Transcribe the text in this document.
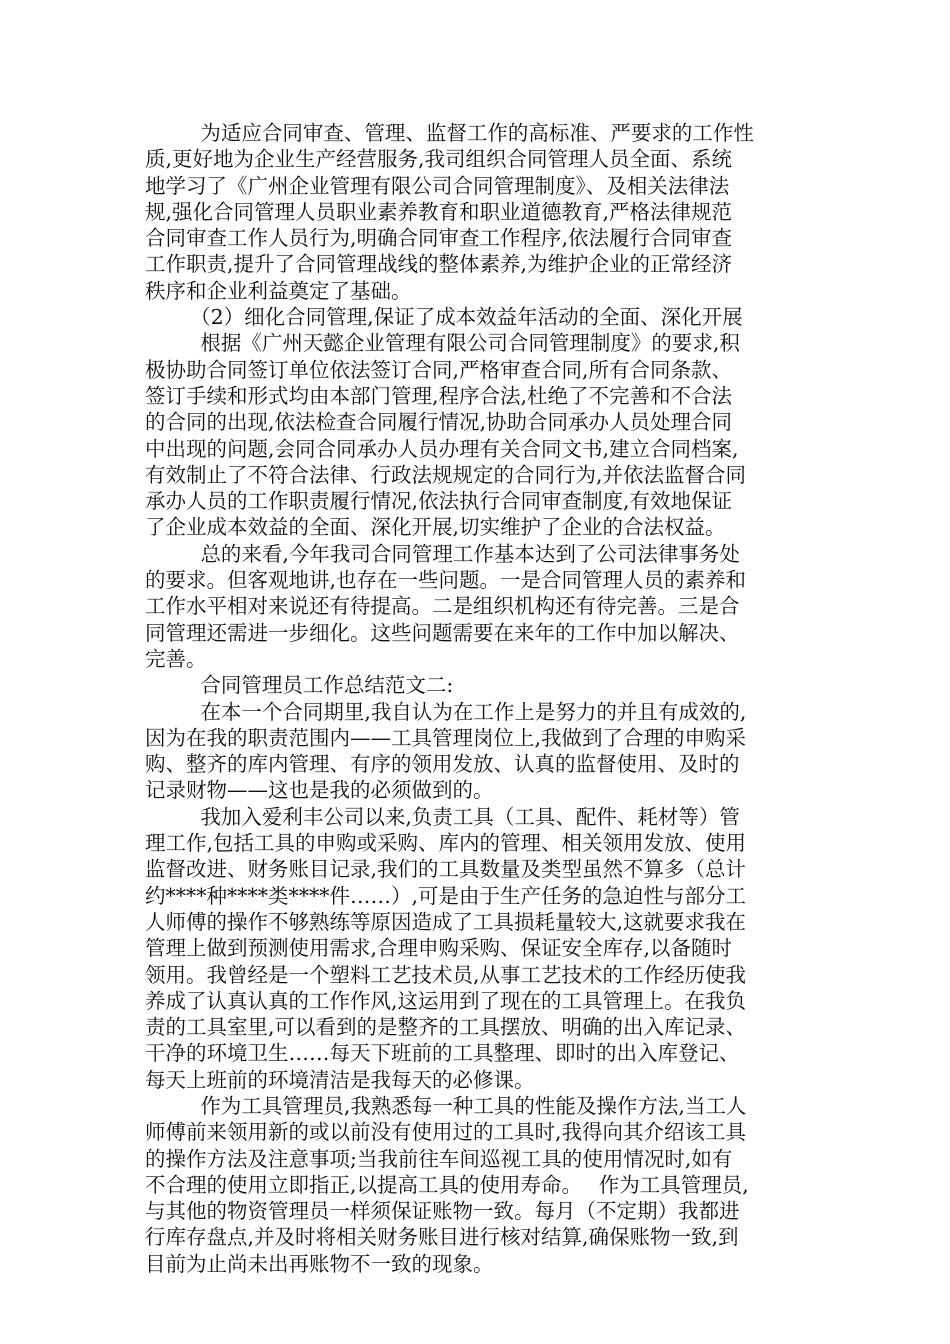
为适应合同审查、管理、监督工作的高标准、严要求的工作性
质,更好地为企业生产经营服务,我司组织合同管理人员全面、系统
地学习了《广州企业管理有限公司合同管理制度》、及相关法律法
规,强化合同管理人员职业素养教育和职业道德教育,严格法律规范
合同审查工作人员行为,明确合同审查工作程序,依法履行合同审查
工作职责,提升了合同管理战线的整体素养,为维护企业的正常经济
秩序和企业利益奠定了基础。
（2）细化合同管理,保证了成本效益年活动的全面、深化开展
根据《广州天懿企业管理有限公司合同管理制度》的要求,积
极协助合同签订单位依法签订合同,严格审查合同,所有合同条款、
签订手续和形式均由本部门管理,程序合法,杜绝了不完善和不合法
的合同的出现,依法检查合同履行情况,协助合同承办人员处理合同
中出现的问题,会同合同承办人员办理有关合同文书,建立合同档案,
有效制止了不符合法律、行政法规规定的合同行为,并依法监督合同
承办人员的工作职责履行情况,依法执行合同审查制度,有效地保证
了企业成本效益的全面、深化开展,切实维护了企业的合法权益。
总的来看,今年我司合同管理工作基本达到了公司法律事务处
的要求。但客观地讲,也存在一些问题。一是合同管理人员的素养和
工作水平相对来说还有待提高。二是组织机构还有待完善。三是合
同管理还需进一步细化。这些问题需要在来年的工作中加以解决、
完善。
合同管理员工作总结范文二:
在本一个合同期里,我自认为在工作上是努力的并且有成效的,
因为在我的职责范围内——工具管理岗位上,我做到了合理的申购采
购、整齐的库内管理、有序的领用发放、认真的监督使用、及时的
记录财物——这也是我的必须做到的。
我加入爱利丰公司以来,负责工具（工具、配件、耗材等）管
理工作,包括工具的申购或采购、库内的管理、相关领用发放、使用
监督改进、财务账目记录,我们的工具数量及类型虽然不算多（总计
约****种****类****件……）,可是由于生产任务的急迫性与部分工
人师傅的操作不够熟练等原因造成了工具损耗量较大,这就要求我在
管理上做到预测使用需求,合理申购采购、保证安全库存,以备随时
领用。我曾经是一个塑料工艺技术员,从事工艺技术的工作经历使我
养成了认真认真的工作作风,这运用到了现在的工具管理上。在我负
责的工具室里,可以看到的是整齐的工具摆放、明确的出入库记录、
干净的环境卫生……每天下班前的工具整理、即时的出入库登记、
每天上班前的环境清洁是我每天的必修课。
作为工具管理员,我熟悉每一种工具的性能及操作方法,当工人
师傅前来领用新的或以前没有使用过的工具时,我得向其介绍该工具
的操作方法及注意事项;当我前往车间巡视工具的使用情况时,如有
不合理的使用立即指正,以提高工具的使用寿命。　 作为工具管理员,
与其他的物资管理员一样须保证账物一致。每月（不定期）我都进
行库存盘点,并及时将相关财务账目进行核对结算,确保账物一致,到
目前为止尚未出再账物不一致的现象。
